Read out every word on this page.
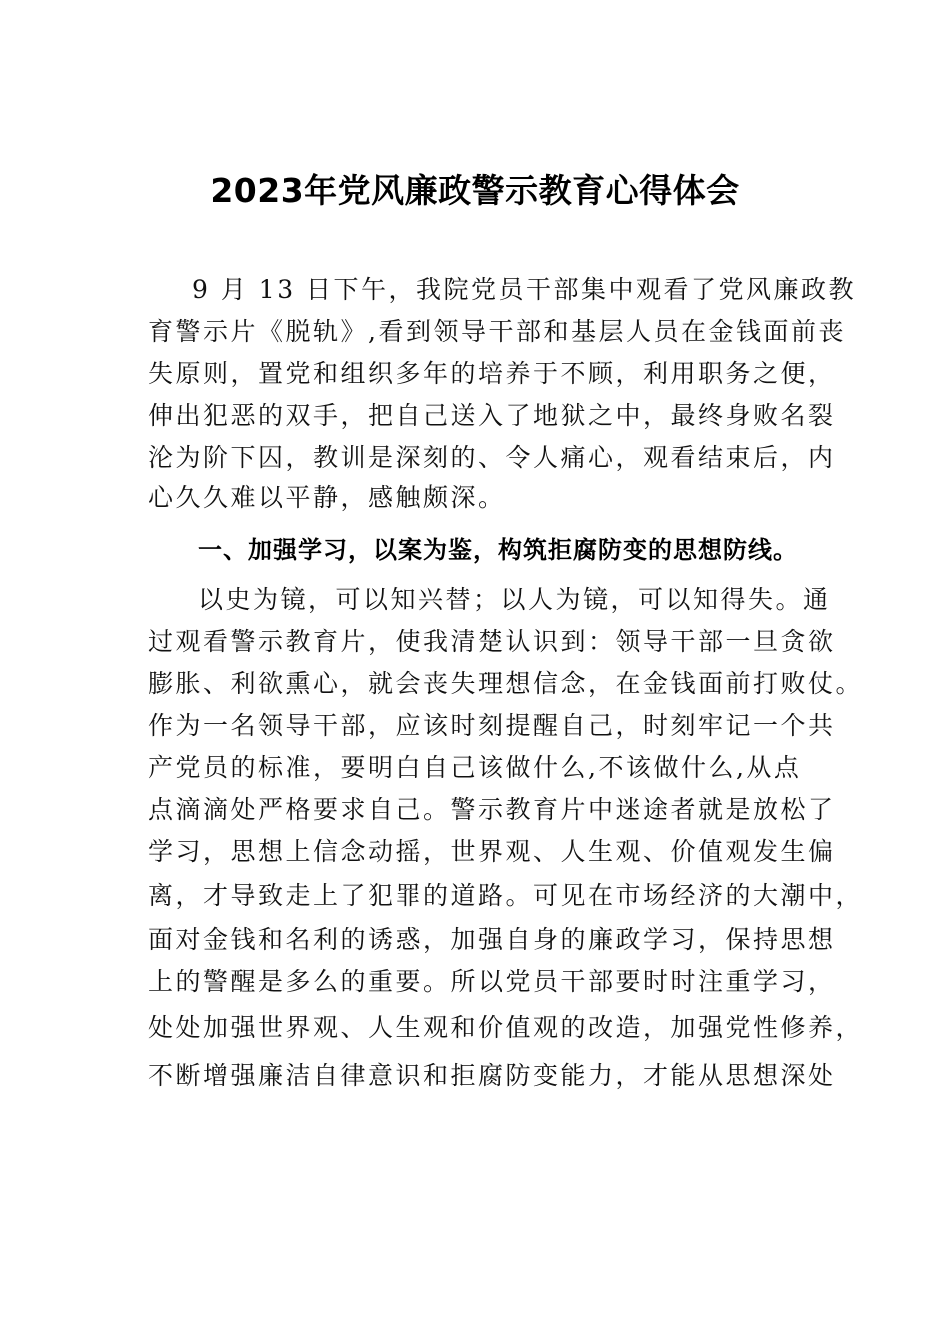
2023年党风廉政警示教育心得体会
9 月 13 日下午，我院党员干部集中观看了党风廉政教
育警示片《脱轨》,看到领导干部和基层人员在金钱面前丧
失原则，置党和组织多年的培养于不顾，利用职务之便，
伸出犯恶的双手，把自己送入了地狱之中，最终身败名裂
沦为阶下囚，教训是深刻的、令人痛心，观看结束后，内
心久久难以平静，感触颇深。
一、加强学习，以案为鉴，构筑拒腐防变的思想防线。
以史为镜，可以知兴替；以人为镜，可以知得失。通
过观看警示教育片，使我清楚认识到：领导干部一旦贪欲
膨胀、利欲熏心，就会丧失理想信念，在金钱面前打败仗。
作为一名领导干部，应该时刻提醒自己，时刻牢记一个共
产党员的标准，要明白自己该做什么,不该做什么,从点
点滴滴处严格要求自己。警示教育片中迷途者就是放松了
学习，思想上信念动摇，世界观、人生观、价值观发生偏
离，才导致走上了犯罪的道路。可见在市场经济的大潮中，
面对金钱和名利的诱惑，加强自身的廉政学习，保持思想
上的警醒是多么的重要。所以党员干部要时时注重学习，
处处加强世界观、人生观和价值观的改造，加强党性修养，
不断增强廉洁自律意识和拒腐防变能力，才能从思想深处
